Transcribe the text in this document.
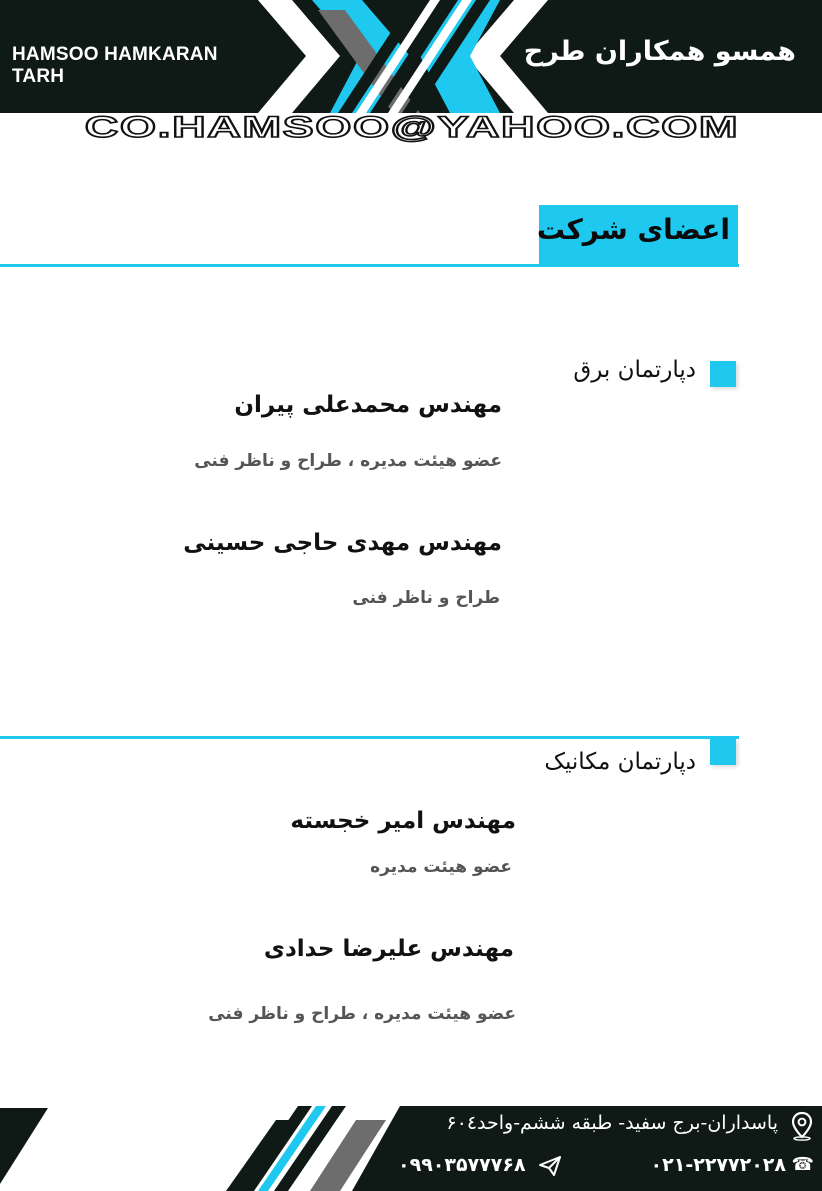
HAMSOO HAMKARAN TARH
همسو همکاران طرح
CO.HAMSOO@YAHOO.COM
اعضای شرکت
دپارتمان برق
مهندس محمدعلی پیران
عضو هیئت مدیره ، طراح و ناظر فنی
مهندس مهدی حاجی حسینی
طراح و ناظر فنی
دپارتمان مکانیک
مهندس امیر خجسته
عضو هیئت مدیره
مهندس علیرضا حدادی
عضو هیئت مدیره ، طراح و ناظر فنی
پاسداران-برج سفید- طبقه ششم-واحد۶۰٤
☎
۰۲۱-۲۲۷۷۲۰۲۸
۰۹۹۰۳۵۷۷۷۶۸
